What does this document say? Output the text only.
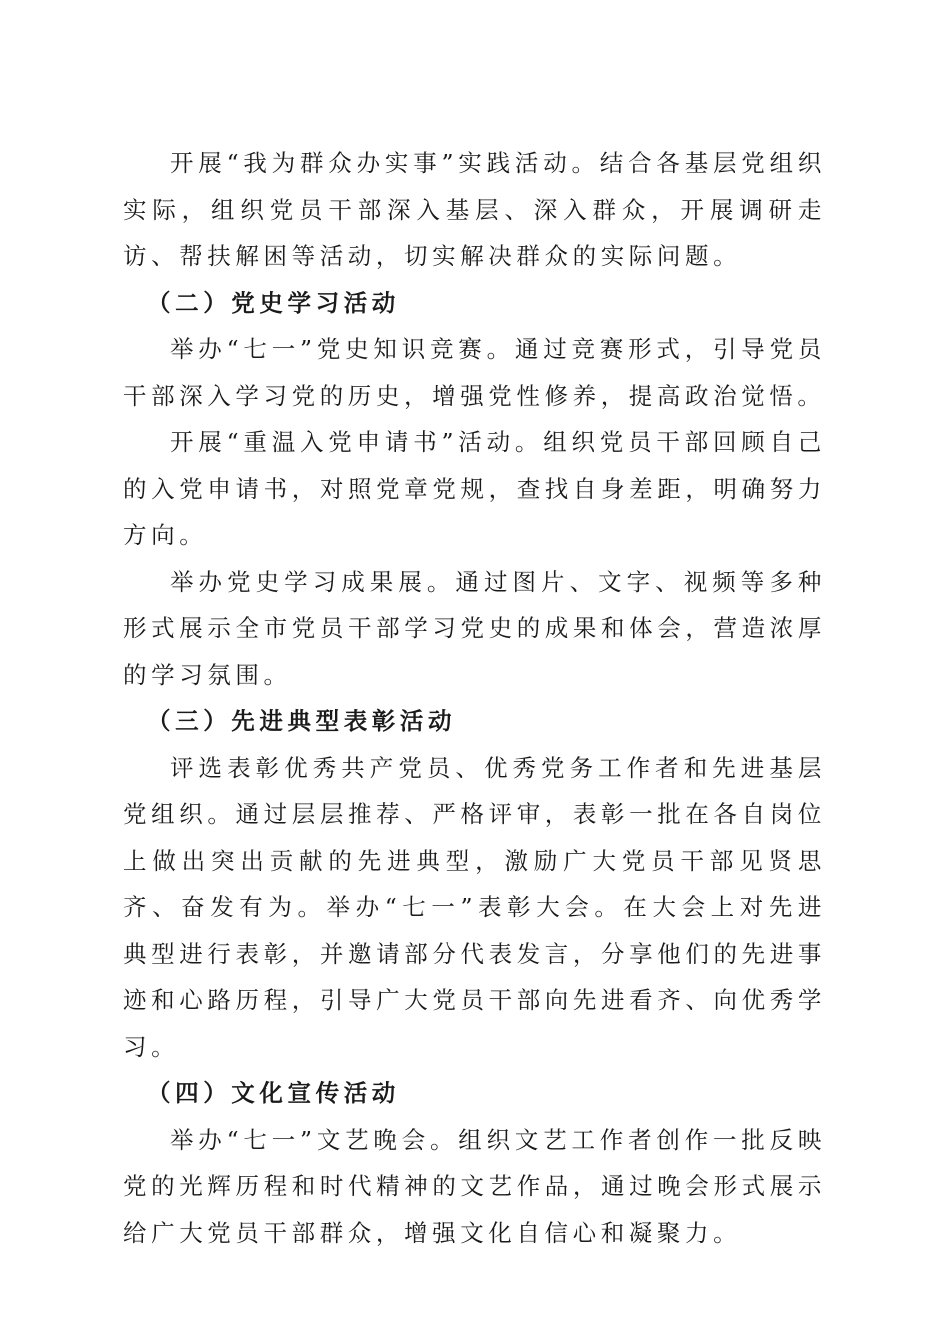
开展“我为群众办实事”实践活动。结合各基层党组织实际，组织党员干部深入基层、深入群众，开展调研走访、帮扶解困等活动，切实解决群众的实际问题。

（二）党史学习活动

举办“七一”党史知识竞赛。通过竞赛形式，引导党员干部深入学习党的历史，增强党性修养，提高政治觉悟。

开展“重温入党申请书”活动。组织党员干部回顾自己的入党申请书，对照党章党规，查找自身差距，明确努力方向。

举办党史学习成果展。通过图片、文字、视频等多种形式展示全市党员干部学习党史的成果和体会，营造浓厚的学习氛围。

（三）先进典型表彰活动

评选表彰优秀共产党员、优秀党务工作者和先进基层党组织。通过层层推荐、严格评审，表彰一批在各自岗位上做出突出贡献的先进典型，激励广大党员干部见贤思齐、奋发有为。举办“七一”表彰大会。在大会上对先进典型进行表彰，并邀请部分代表发言，分享他们的先进事迹和心路历程，引导广大党员干部向先进看齐、向优秀学习。

（四）文化宣传活动

举办“七一”文艺晚会。组织文艺工作者创作一批反映党的光辉历程和时代精神的文艺作品，通过晚会形式展示给广大党员干部群众，增强文化自信心和凝聚力。
